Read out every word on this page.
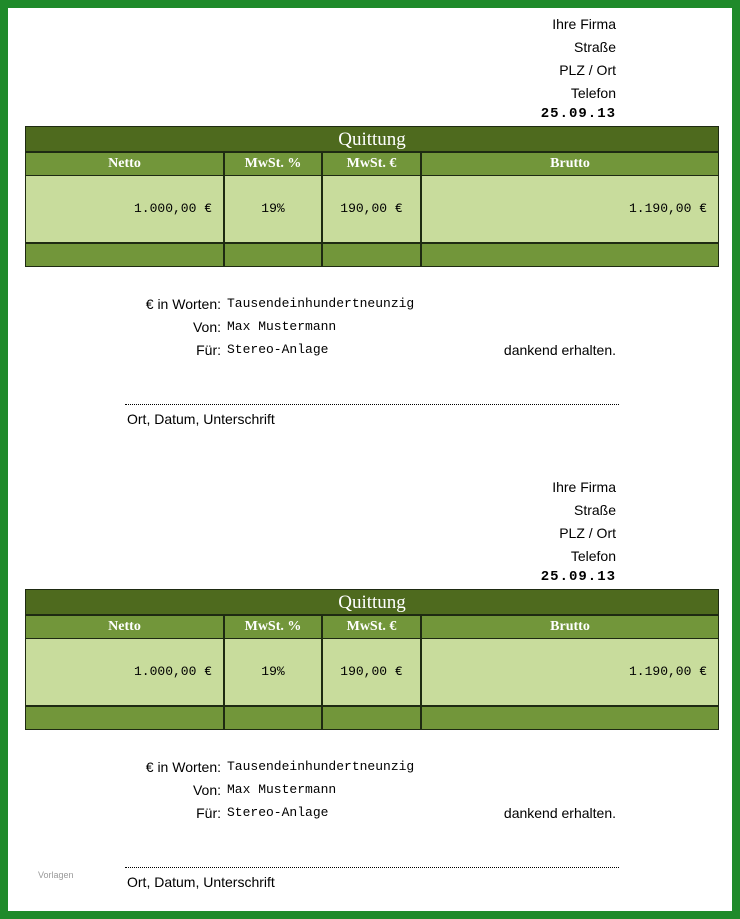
Ihre Firma
Straße
PLZ / Ort
Telefon
25.09.13
Quittung
Netto	MwSt. %	MwSt. €	Brutto
1.000,00 €	19%	190,00 €	1.190,00 €
€ in Worten: Tausendeinhundertneunzig
Von: Max Mustermann
Für: Stereo-Anlage	dankend erhalten.
Ort, Datum, Unterschrift
Ihre Firma
Straße
PLZ / Ort
Telefon
25.09.13
Quittung
Netto	MwSt. %	MwSt. €	Brutto
1.000,00 €	19%	190,00 €	1.190,00 €
€ in Worten: Tausendeinhundertneunzig
Von: Max Mustermann
Für: Stereo-Anlage	dankend erhalten.
Ort, Datum, Unterschrift
Vorlagen
